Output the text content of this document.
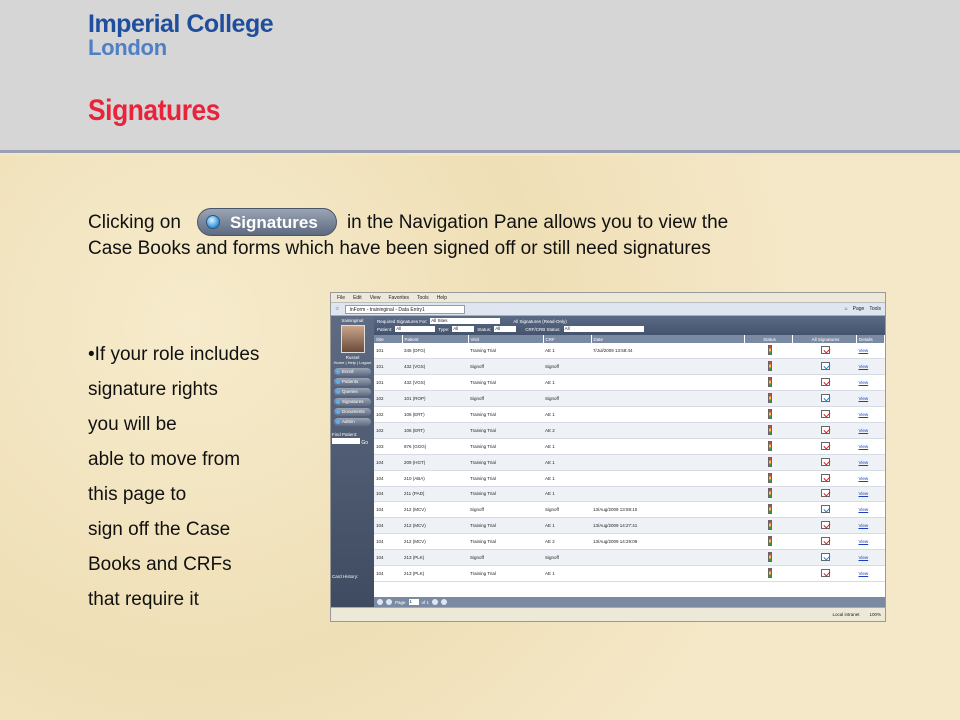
Imperial College
London
Signatures
Clicking on	Signatures in the Navigation Pane allows you to view the
Case Books and forms which have been signed off or still need signatures
•If your role includes
signature rights
you will be
able to move from
this page to
sign off the Case
Books and CRFs
that require it
File Edit View Favorites Tools Help
☆	InForm - traininginal - Data Entry1	⌂ Page Tools
traininginal
Russel
Home | Help | Logout
Enroll
Patients
Queries
Signatures
Documents
Admin
Find Patient:
Go
Card History:
Required Signatures For: All Sites	All Signatures (Read-Only)
Patient: All	Type: All	Status: All	CRF/CRB Status: All
Site	Patient	Visit	CRF	Date	Status	All Signatures	Details
101	345 (DFG)	Training Trial	AE 1	7/Jul/2009 13:58:44			View
101	432 (VGS)	Signoff	Signoff				View
101	432 (VGS)	Training Trial	AE 1				View
102	101 (ROP)	Signoff	Signoff				View
102	106 (ERT)	Training Trial	AE 1				View
102	106 (ERT)	Training Trial	AE 2				View
103	876 (GGG)	Training Trial	AE 1				View
104	209 (HGT)	Training Trial	AE 1				View
104	210 (ABA)	Training Trial	AE 1				View
104	211 (PAD)	Training Trial	AE 1				View
104	212 (MCV)	Signoff	Signoff	13/Aug/2009 13:59:10			View
104	212 (MCV)	Training Trial	AE 1	13/Aug/2009 14:27:41			View
104	212 (MCV)	Training Trial	AE 2	13/Aug/2009 14:29:09			View
104	213 (PLK)	Signoff	Signoff				View
104	213 (PLK)	Training Trial	AE 1				View
Page 1	of 1
Local intranet 100%
